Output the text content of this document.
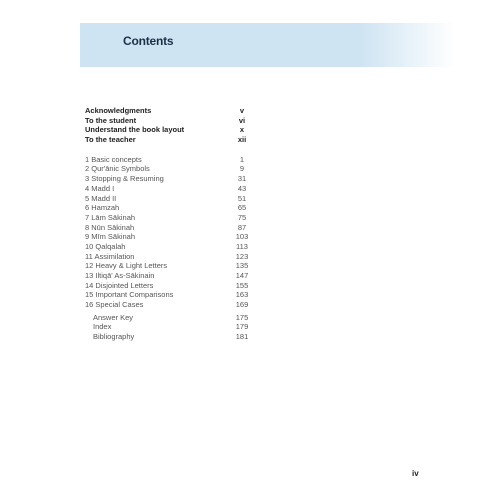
Contents
Acknowledgments	v
To the student	vi
Understand the book layout	x
To the teacher	xii
1 Basic concepts	1
2 Qur'ānic Symbols	9
3 Stopping & Resuming	31
4 Madd I	43
5 Madd II	51
6 Hamzah	65
7 Lām Sākinah	75
8 Nūn Sākinah	87
9 Mīm Sākinah	103
10 Qalqalah	113
11 Assimilation	123
12 Heavy & Light Letters	135
13 Iltiqā' As-Sākinain	147
14 Disjointed Letters	155
15 Important Comparisons	163
16 Special Cases	169
Answer Key	175
Index	179
Bibliography	181
iv
